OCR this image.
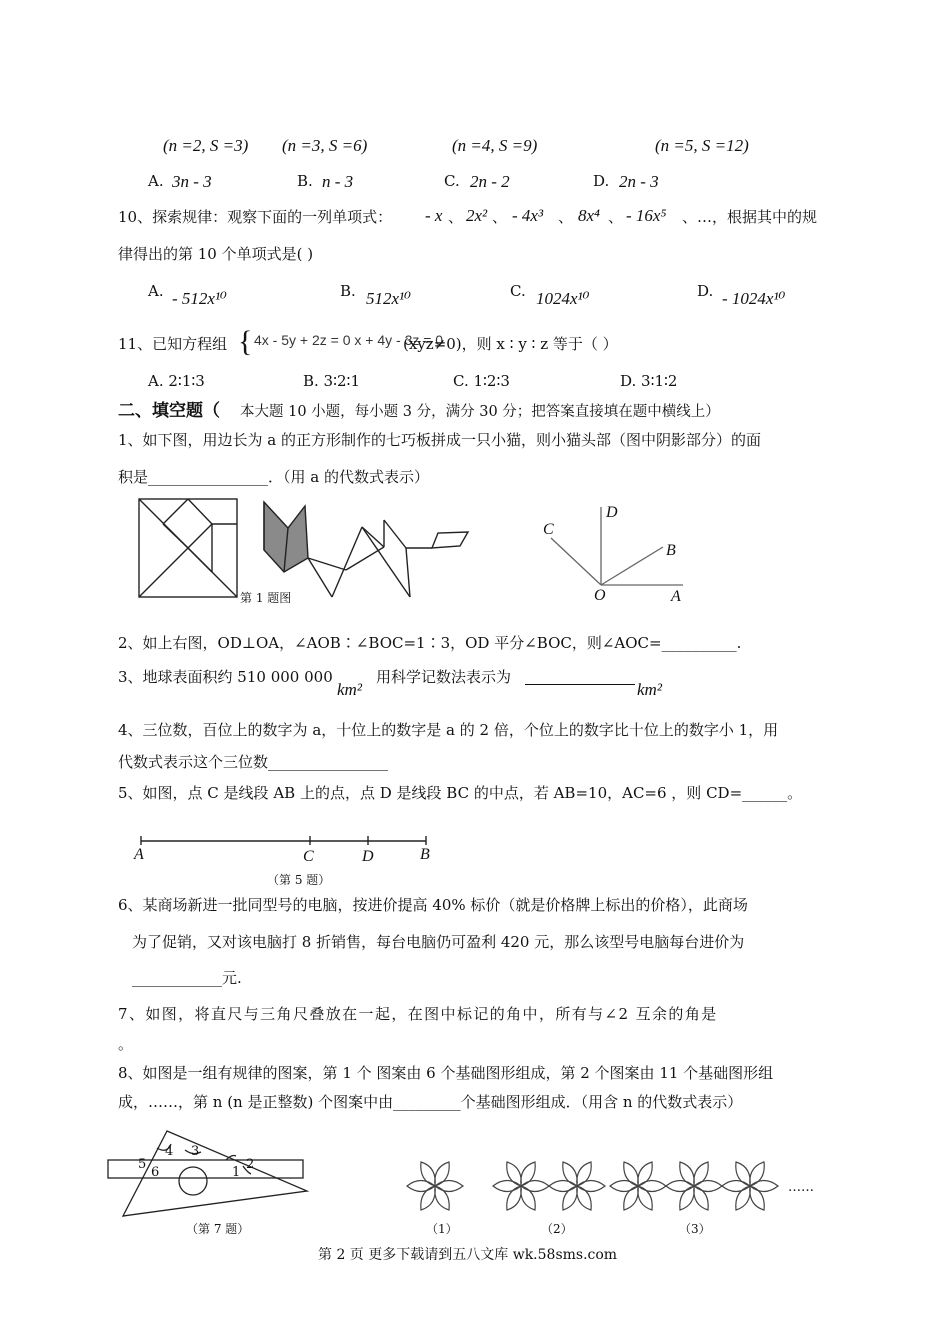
(n =2, S =3) (n =3, S =6)	(n =4, S =9)	(n =5, S =12)
A. 3n - 3	B. n - 3	C. 2n - 2	D. 2n - 3
10、探索规律：观察下面的一列单项式： - x 、 2x² 、 - 4x³ 、 8x⁴ 、 - 16x⁵ 、…，根据其中的规
律得出的第 10 个单项式是( )
A. - 512x¹⁰	B. 512x¹⁰	C. 1024x¹⁰	D. - 1024x¹⁰
11、已知方程组 { 4x - 5y + 2z = 0 x + 4y - 3z = 0
(xyz≠0)，则 x ∶ y ∶ z 等于（ ）
A. 2∶1∶3	B. 3∶2∶1	C. 1∶2∶3	D. 3∶1∶2
二、填空题（ 本大题 10 小题，每小题 3 分，满分 30 分；把答案直接填在题中横线上）
1、如下图，用边长为 a 的正方形制作的七巧板拼成一只小猫，则小猫头部（图中阴影部分）的面
积是________________．（用 a 的代数式表示）
第 1 题图
D
C
B
O	A
2、如上右图，OD⊥OA，∠AOB∶∠BOC=1∶3，OD 平分∠BOC，则∠AOC=__________.
3、地球表面积约 510 000 000
km²
用科学记数法表示为
km²
4、三位数，百位上的数字为 a，十位上的数字是 a 的 2 倍，个位上的数字比十位上的数字小 1，用
代数式表示这个三位数________________
5、如图，点 C 是线段 AB 上的点，点 D 是线段 BC 的中点，若 AB=10，AC=6 ，则 CD=______。
A	C	D	B
（第 5 题）
6、某商场新进一批同型号的电脑，按进价提高 40% 标价（就是价格牌上标出的价格），此商场
为了促销，又对该电脑打 8 折销售，每台电脑仍可盈利 420 元，那么该型号电脑每台进价为
____________元.
7、如图，将直尺与三角尺叠放在一起，在图中标记的角中，所有与∠2 互余的角是
。
8、如图是一组有规律的图案，第 1 个 图案由 6 个基础图形组成，第 2 个图案由 11 个基础图形组
成，……，第 n (n 是正整数) 个图案中由_________个基础图形组成．（用含 n 的代数式表示）
5
4 3
6	1
2
（第 7 题）
……
（1）	（2）	（3）
第 2 页 更多下载请到五八文库 wk.58sms.com
